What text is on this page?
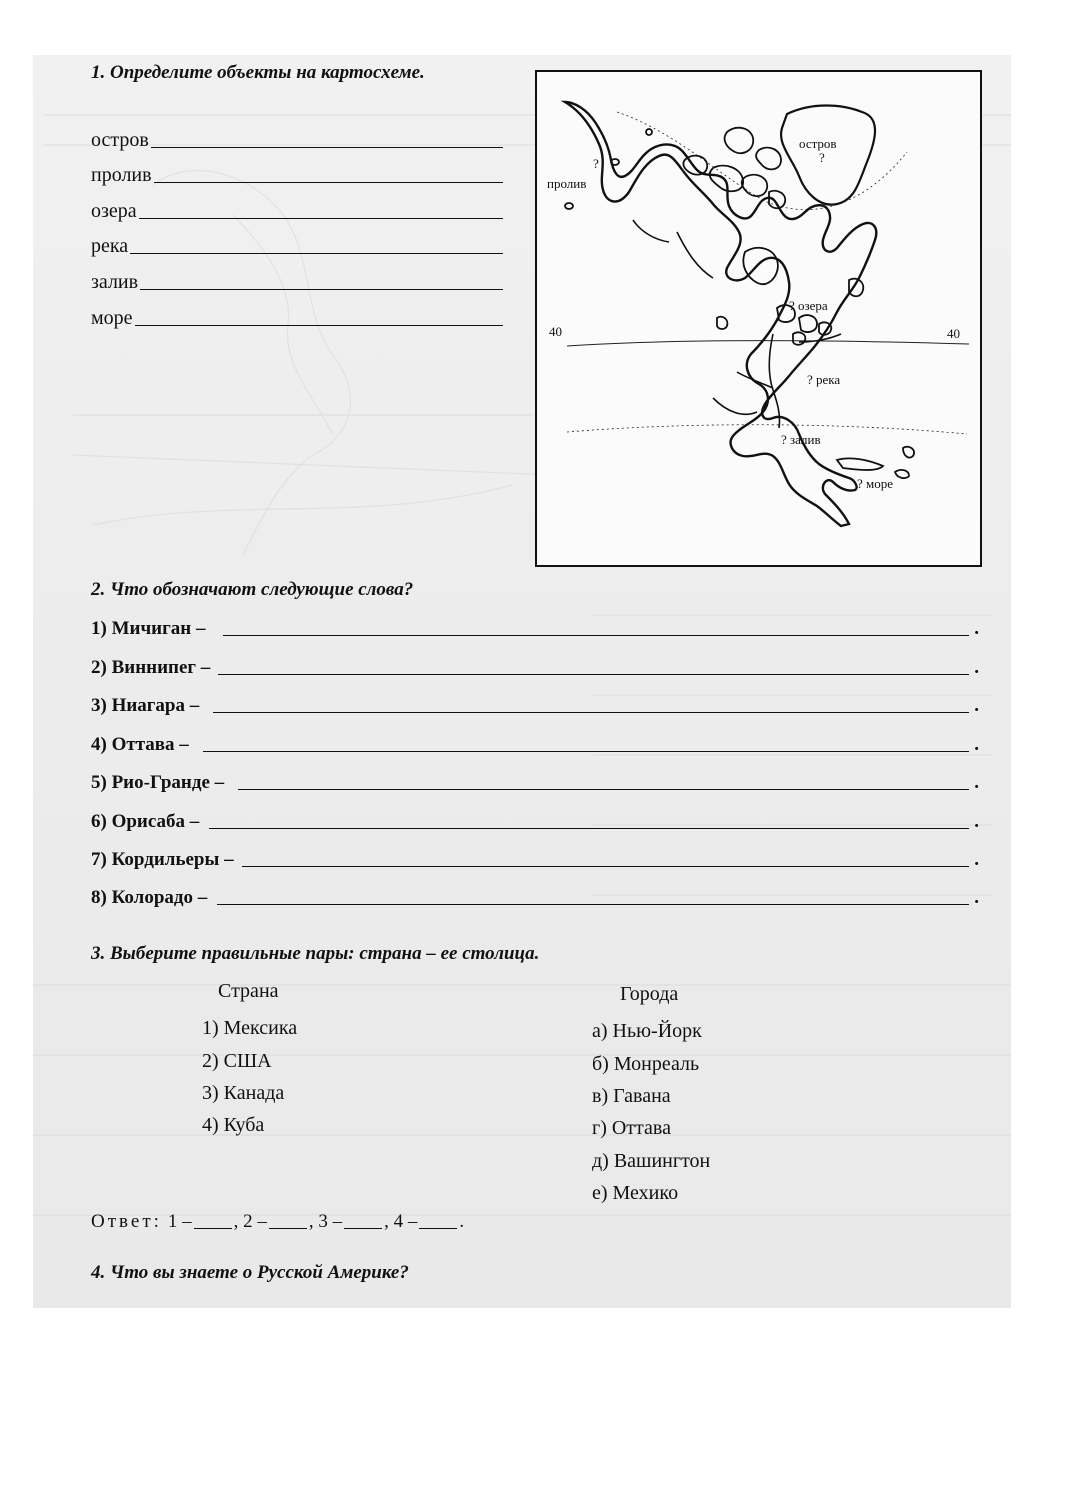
1. Определите объекты на картосхеме.
остров
пролив
озера
река
залив
море
остров
?
пролив
?
? озера
? река
? залив
? море
40	40
2. Что обозначают следующие слова?
1) Мичиган –	.
2) Виннипег –	.
3) Ниагара –	.
4) Оттава –	.
5) Рио-Гранде –	.
6) Орисаба –	.
7) Кордильеры –	.
8) Колорадо –	.
3. Выберите правильные пары: страна – ее столица.
Страна
1) Мексика
2) США
3) Канада
4) Куба
Города
а) Нью-Йорк
б) Монреаль
в) Гавана
г) Оттава
д) Вашингтон
е) Мехико
Ответ: 1 – , 2 – , 3 – , 4 – .
4. Что вы знаете о Русской Америке?
